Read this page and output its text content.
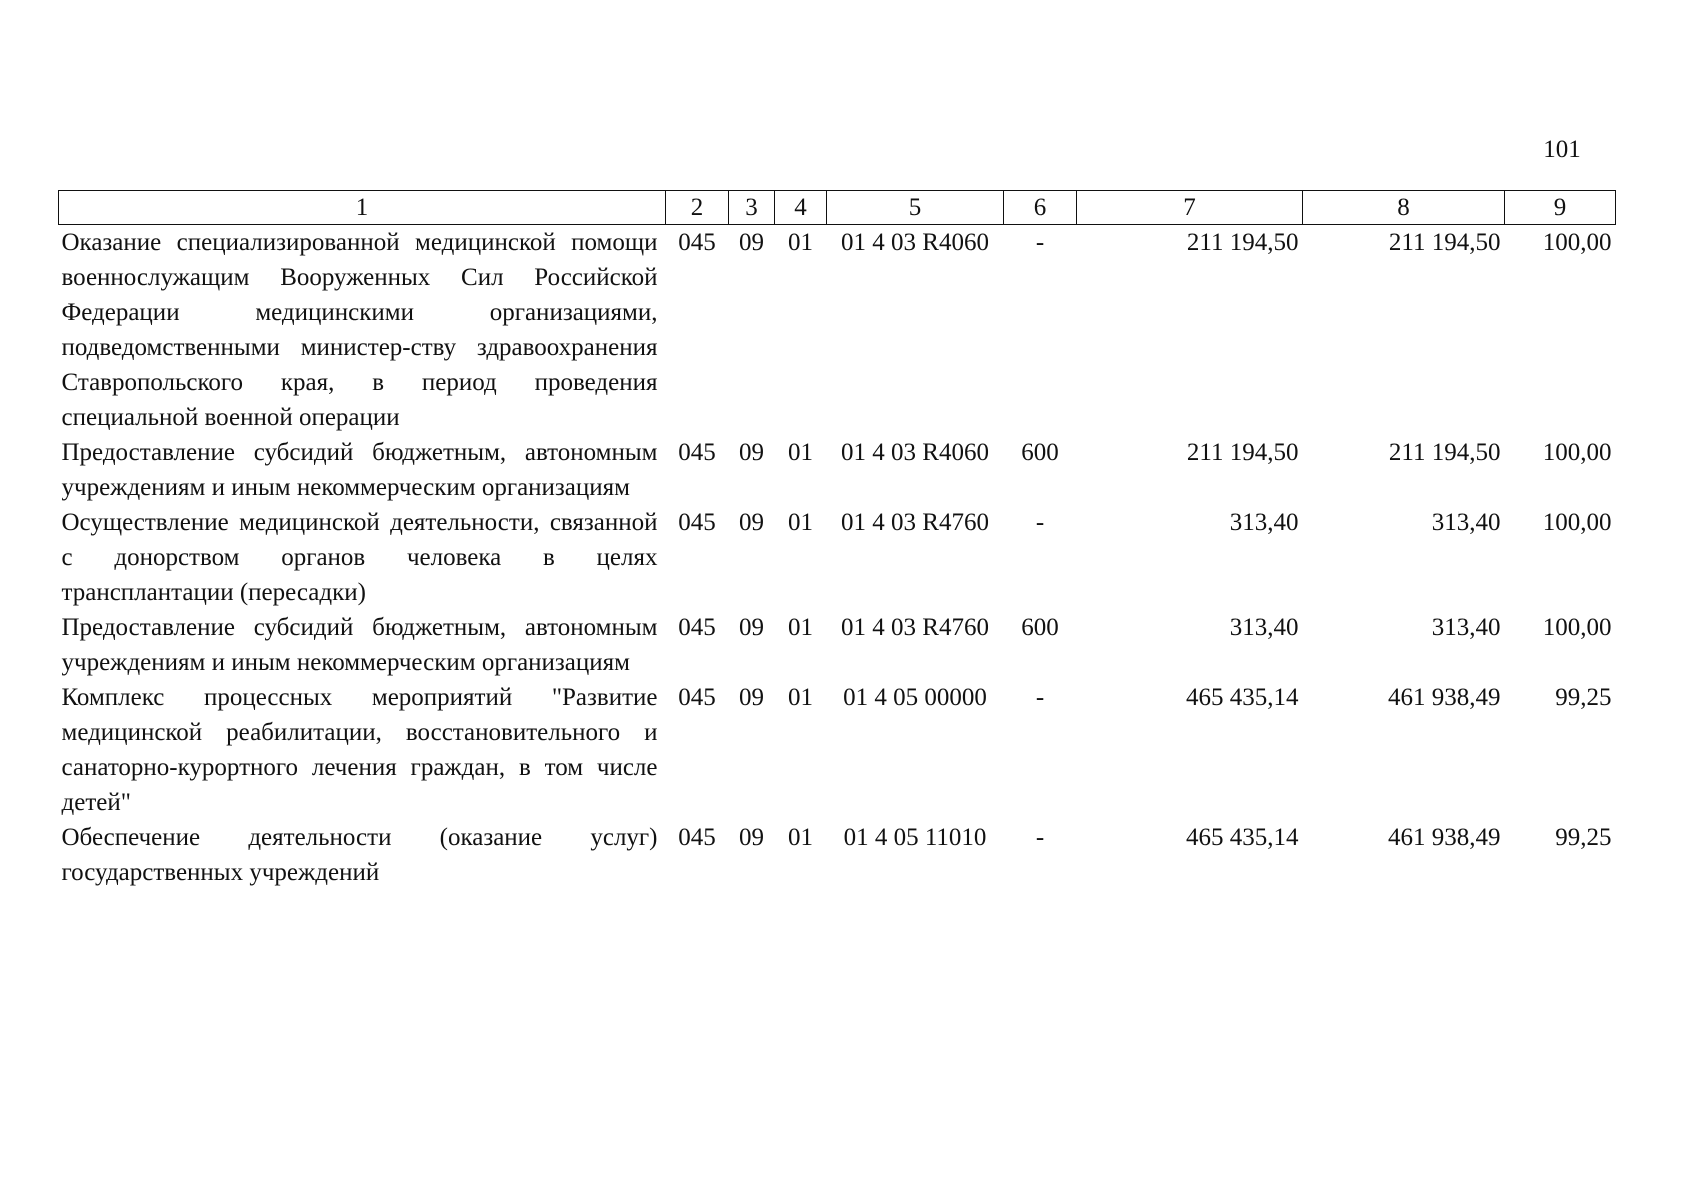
101
1	2	3	4	5	6	7	8	9
Оказание специализированной медицинской помощи военнослужащим Вооруженных Сил Российской Федерации медицинскими организациями, подведомственными министер-ству здравоохранения Ставропольского края, в период проведения специальной военной операции	045	09	01	01 4 03 R4060	-	211 194,50	211 194,50	100,00
Предоставление субсидий бюджетным, автономным учреждениям и иным некоммерческим организациям	045	09	01	01 4 03 R4060	600	211 194,50	211 194,50	100,00
Осуществление медицинской деятельности, связанной с донорством органов человека в целях трансплантации (пересадки)	045	09	01	01 4 03 R4760	-	313,40	313,40	100,00
Предоставление субсидий бюджетным, автономным учреждениям и иным некоммерческим организациям	045	09	01	01 4 03 R4760	600	313,40	313,40	100,00
Комплекс процессных мероприятий "Развитие медицинской реабилитации, восстановительного и санаторно-курортного лечения граждан, в том числе детей"	045	09	01	01 4 05 00000	-	465 435,14	461 938,49	99,25
Обеспечение деятельности (оказание услуг) государственных учреждений	045	09	01	01 4 05 11010	-	465 435,14	461 938,49	99,25
